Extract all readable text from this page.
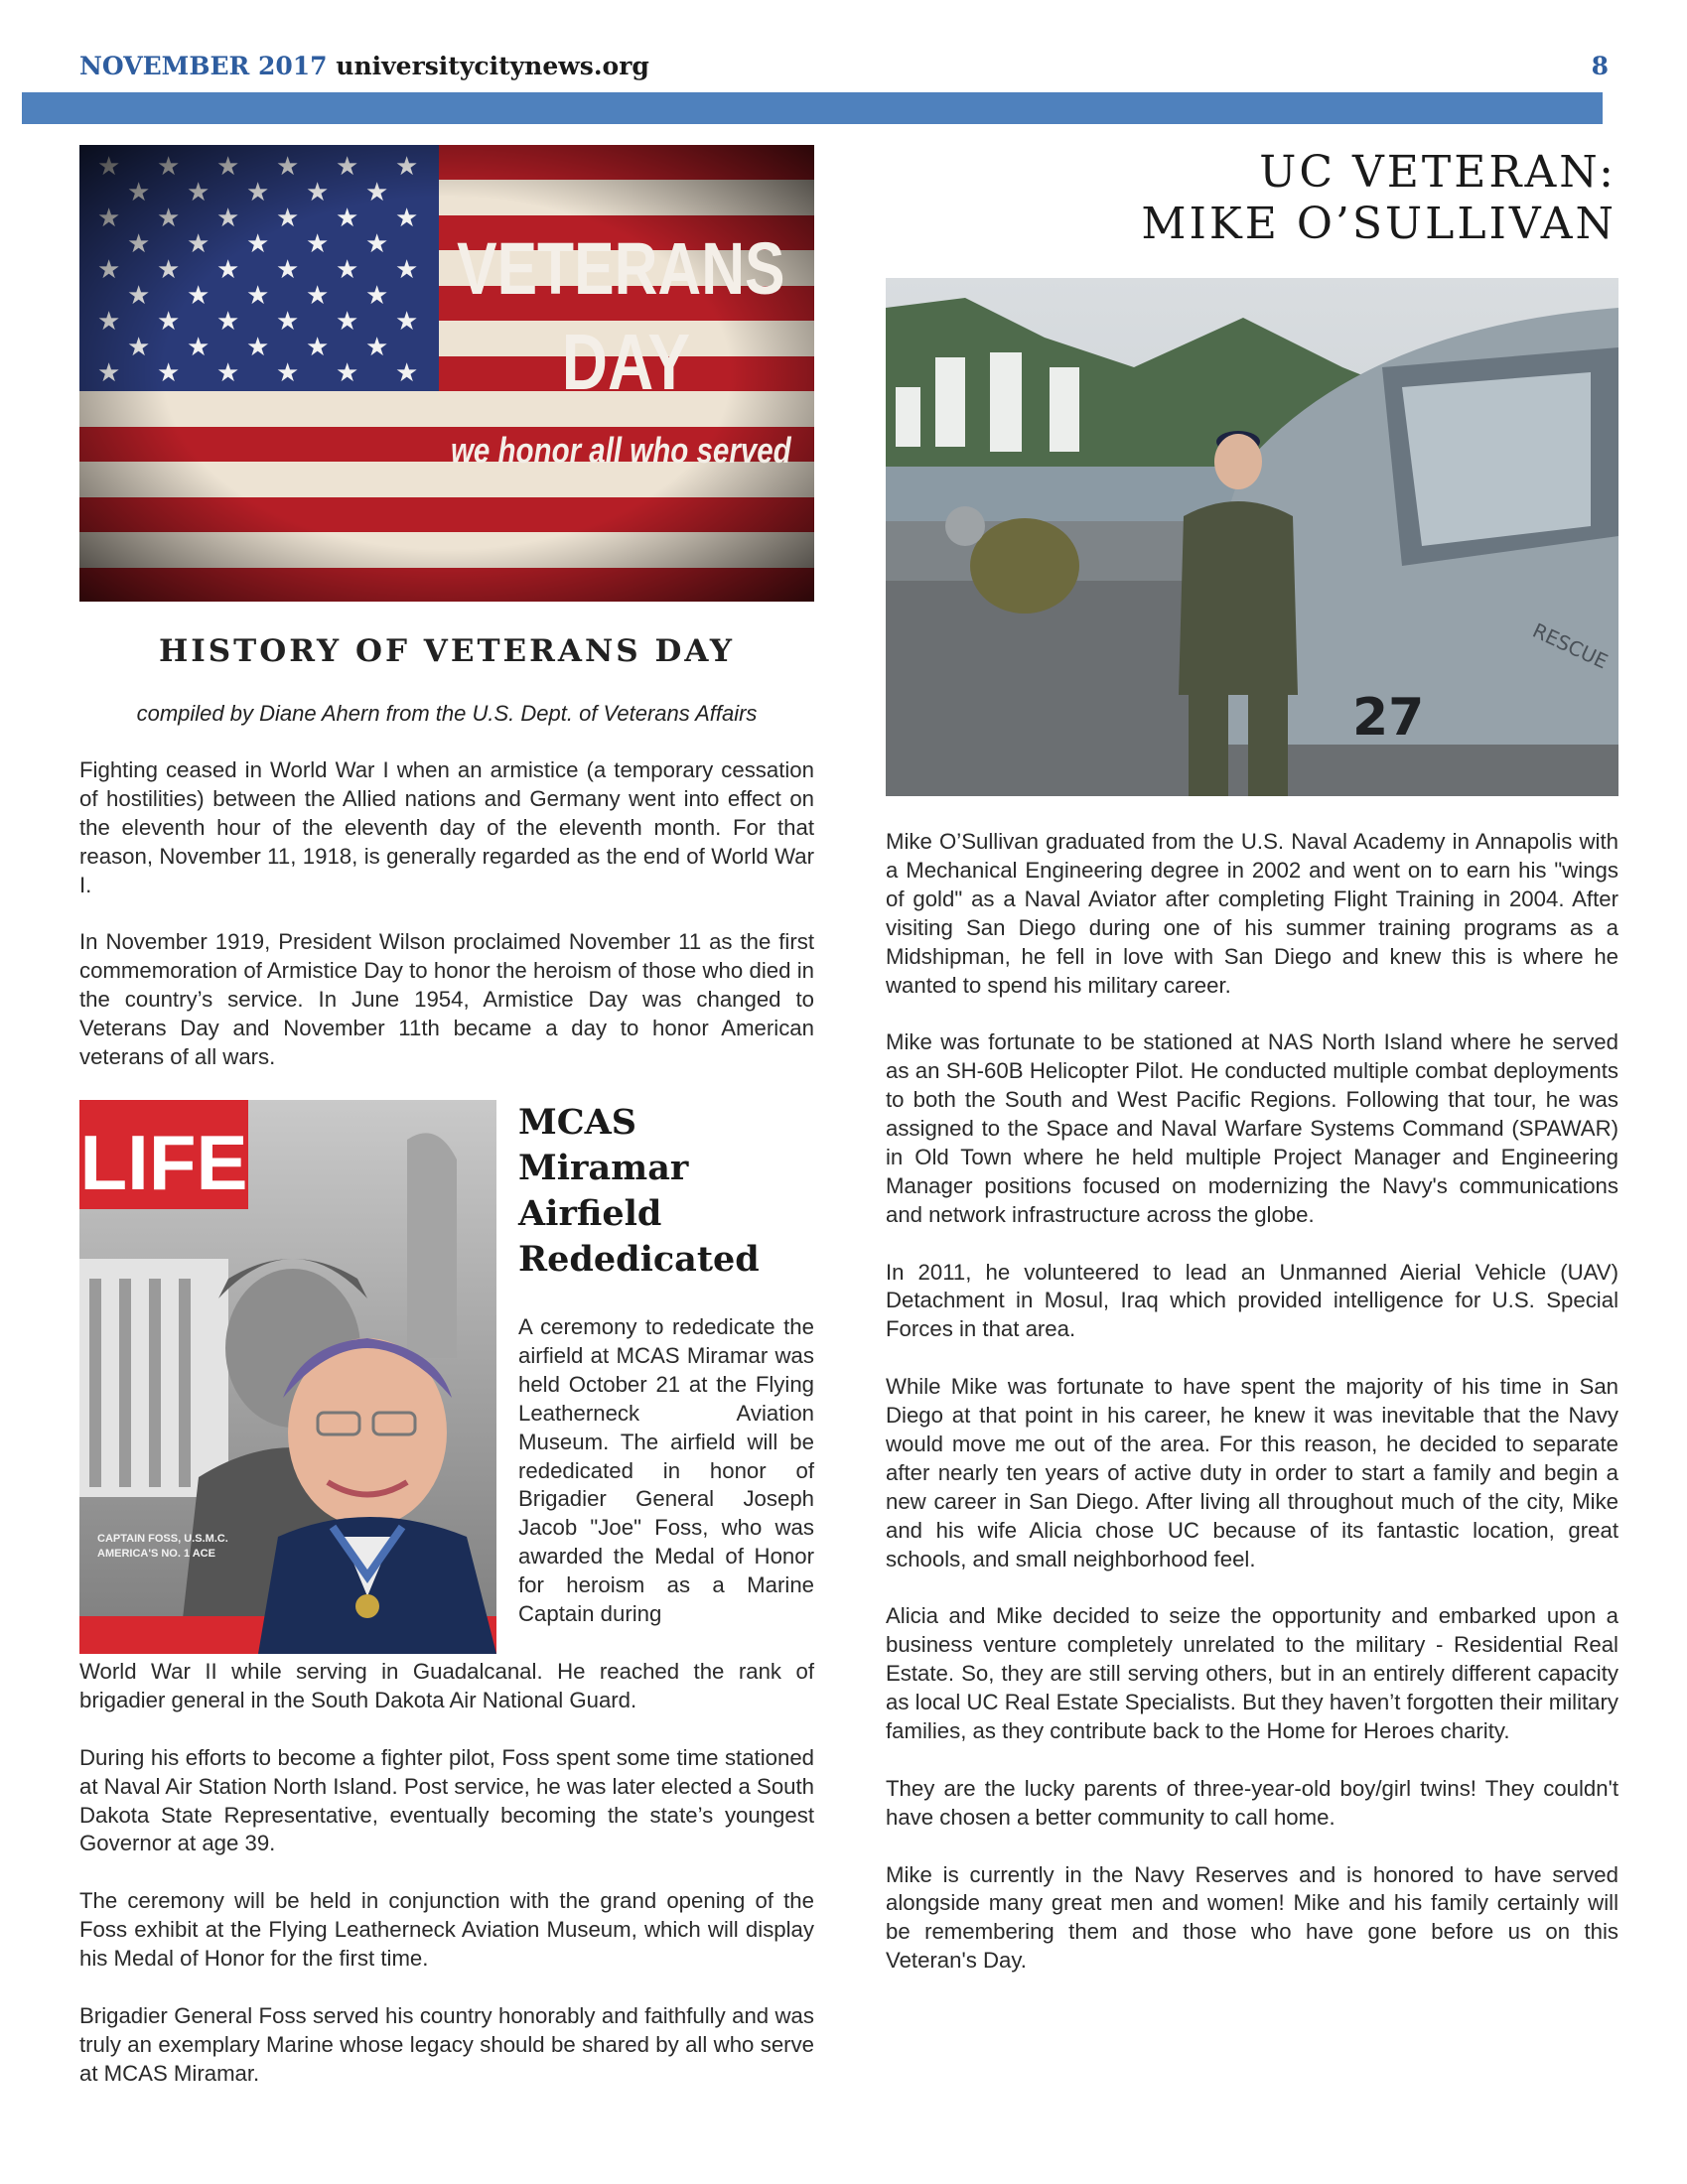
NOVEMBER 2017 universitycitynews.org	8
VETERANS
DAY
we honor all who served
HISTORY OF VETERANS DAY
compiled by Diane Ahern from the U.S. Dept. of Veterans Affairs

Fighting ceased in World War I when an armistice (a temporary cessation of hostilities) between the Allied nations and Germany went into effect on the eleventh hour of the eleventh day of the eleventh month. For that reason, November 11, 1918, is generally regarded as the end of World War I.

In November 1919, President Wilson proclaimed November 11 as the first commemoration of Armistice Day to honor the heroism of those who died in the country’s service. In June 1954, Armistice Day was changed to Veterans Day and November 11th became a day to honor American veterans of all wars.

LIFE
CAPTAIN FOSS, U.S.M.C.
AMERICA'S NO. 1 ACE
MCAS Miramar Airfield Rededicated
A ceremony to rededicate the airfield at MCAS Miramar was held October 21 at the Flying Leatherneck Aviation Museum. The airfield will be rededicated in honor of Brigadier General Joseph Jacob "Joe" Foss, who was awarded the Medal of Honor for heroism as a Marine Captain during

World War II while serving in Guadalcanal. He reached the rank of brigadier general in the South Dakota Air National Guard.

During his efforts to become a fighter pilot, Foss spent some time stationed at Naval Air Station North Island. Post service, he was later elected a South Dakota State Representative, eventually becoming the state’s youngest Governor at age 39.

The ceremony will be held in conjunction with the grand opening of the Foss exhibit at the Flying Leatherneck Aviation Museum, which will display his Medal of Honor for the first time.

Brigadier General Foss served his country honorably and faithfully and was truly an exemplary Marine whose legacy should be shared by all who serve at MCAS Miramar.

UC VETERAN:
MIKE O’SULLIVAN
27
RESCUE

Mike O’Sullivan graduated from the U.S. Naval Academy in Annapolis with a Mechanical Engineering degree in 2002 and went on to earn his "wings of gold" as a Naval Aviator after completing Flight Training in 2004. After visiting San Diego during one of his summer training programs as a Midshipman, he fell in love with San Diego and knew this is where he wanted to spend his military career.

Mike was fortunate to be stationed at NAS North Island where he served as an SH-60B Helicopter Pilot. He conducted multiple combat deployments to both the South and West Pacific Regions. Following that tour, he was assigned to the Space and Naval Warfare Systems Command (SPAWAR) in Old Town where he held multiple Project Manager and Engineering Manager positions focused on modernizing the Navy's communications and network infrastructure across the globe.

In 2011, he volunteered to lead an Unmanned Aierial Vehicle (UAV) Detachment in Mosul, Iraq which provided intelligence for U.S. Special Forces in that area.

While Mike was fortunate to have spent the majority of his time in San Diego at that point in his career, he knew it was inevitable that the Navy would move me out of the area. For this reason, he decided to separate after nearly ten years of active duty in order to start a family and begin a new career in San Diego. After living all throughout much of the city, Mike and his wife Alicia chose UC because of its fantastic location, great schools, and small neighborhood feel.

Alicia and Mike decided to seize the opportunity and embarked upon a business venture completely unrelated to the military - Residential Real Estate. So, they are still serving others, but in an entirely different capacity as local UC Real Estate Specialists. But they haven’t forgotten their military families, as they contribute back to the Home for Heroes charity.

They are the lucky parents of three-year-old boy/girl twins! They couldn't have chosen a better community to call home.

Mike is currently in the Navy Reserves and is honored to have served alongside many great men and women! Mike and his family certainly will be remembering them and those who have gone before us on this Veteran's Day.
